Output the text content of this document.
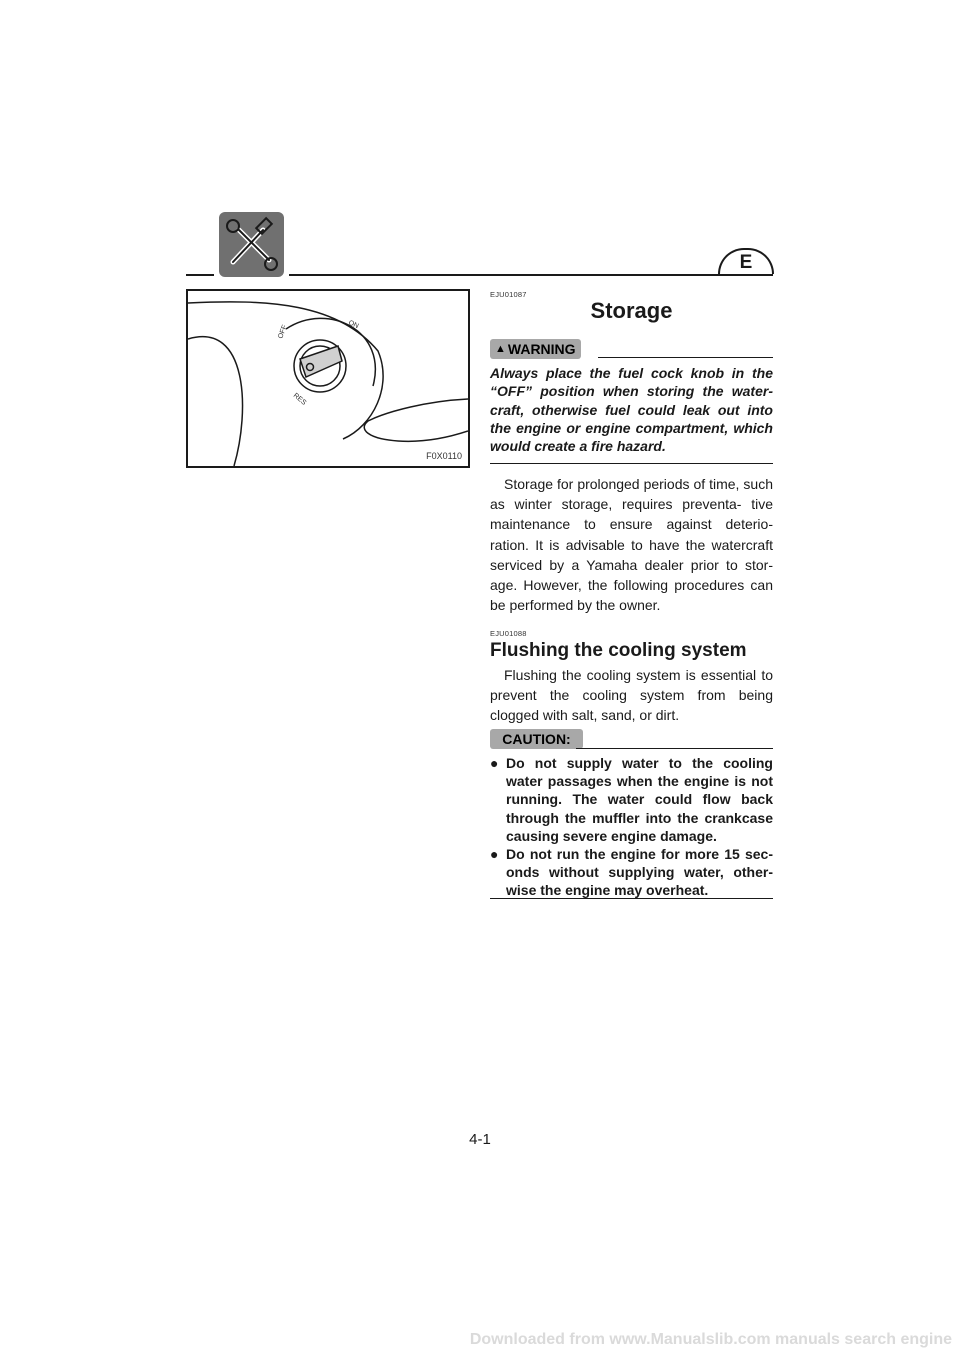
E
ON
OFF
RES
F0X0110
EJU01087
Storage
▲ WARNING
Always place the fuel cock knob in the “OFF” position when storing the water- craft, otherwise fuel could leak out into the engine or engine compartment, which would create a fire hazard.
Storage for prolonged periods of time, such as winter storage, requires preventa- tive maintenance to ensure against deterio- ration. It is advisable to have the watercraft serviced by a Yamaha dealer prior to stor- age. However, the following procedures can be performed by the owner.
EJU01088
Flushing the cooling system
Flushing the cooling system is essential to prevent the cooling system from being clogged with salt, sand, or dirt.
CAUTION:
● Do not supply water to the cooling water passages when the engine is not running. The water could flow back through the muffler into the crankcase causing severe engine damage.
● Do not run the engine for more 15 sec- onds without supplying water, other- wise the engine may overheat.
4-1
Downloaded from www.Manualslib.com manuals search engine
